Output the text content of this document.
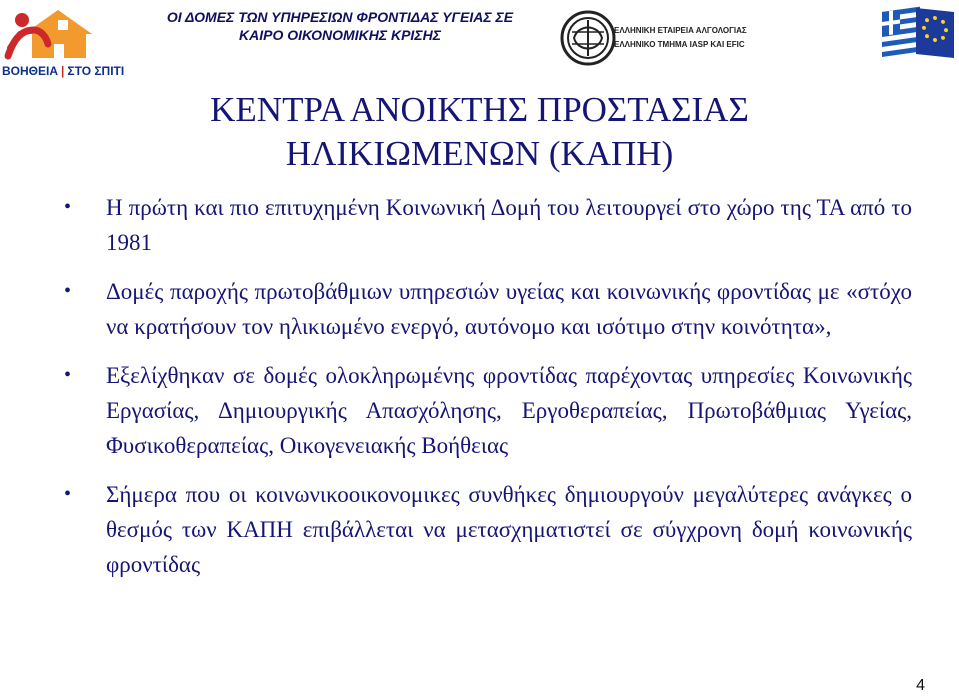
ΒΟΗΘΕΙΑ | ΣΤΟ ΣΠΙΤΙ
ΟΙ ΔΟΜΕΣ ΤΩΝ ΥΠΗΡΕΣΙΩΝ ΦΡΟΝΤΙΔΑΣ ΥΓΕΙΑΣ ΣΕ
ΚΑΙΡΟ ΟΙΚΟΝΟΜΙΚΗΣ ΚΡΙΣΗΣ	ΕΛΛΗΝΙΚΗ ΕΤΑΙΡΕΙΑ ΑΛΓΟΛΟΓΙΑΣ
ΕΛΛΗΝΙΚΟ ΤΜΗΜΑ IASP ΚΑΙ EFIC
ΚΕΝΤΡΑ ΑΝΟΙΚΤΗΣ ΠΡΟΣΤΑΣΙΑΣ
ΗΛΙΚΙΩΜΕΝΩΝ (ΚΑΠΗ)
• Η πρώτη και πιο επιτυχημένη Κοινωνική Δομή του λειτουργεί στο χώρο της ΤΑ από το 1981
• Δομές παροχής πρωτοβάθμιων υπηρεσιών υγείας και κοινωνικής φροντίδας με «στόχο να κρατήσουν τον ηλικιωμένο ενεργό, αυτόνομο και ισότιμο στην κοινότητα»,
• Εξελίχθηκαν σε δομές ολοκληρωμένης φροντίδας παρέχοντας υπηρεσίες Κοινωνικής Εργασίας, Δημιουργικής Απασχόλησης, Εργοθεραπείας, Πρωτοβάθμιας Υγείας, Φυσικοθεραπείας, Οικογενειακής Βοήθειας
• Σήμερα που οι κοινωνικοοικονομικες συνθήκες δημιουργούν μεγαλύτερες ανάγκες ο θεσμός των ΚΑΠΗ επιβάλλεται να μετασχηματιστεί σε σύγχρονη δομή κοινωνικής φροντίδας
4
